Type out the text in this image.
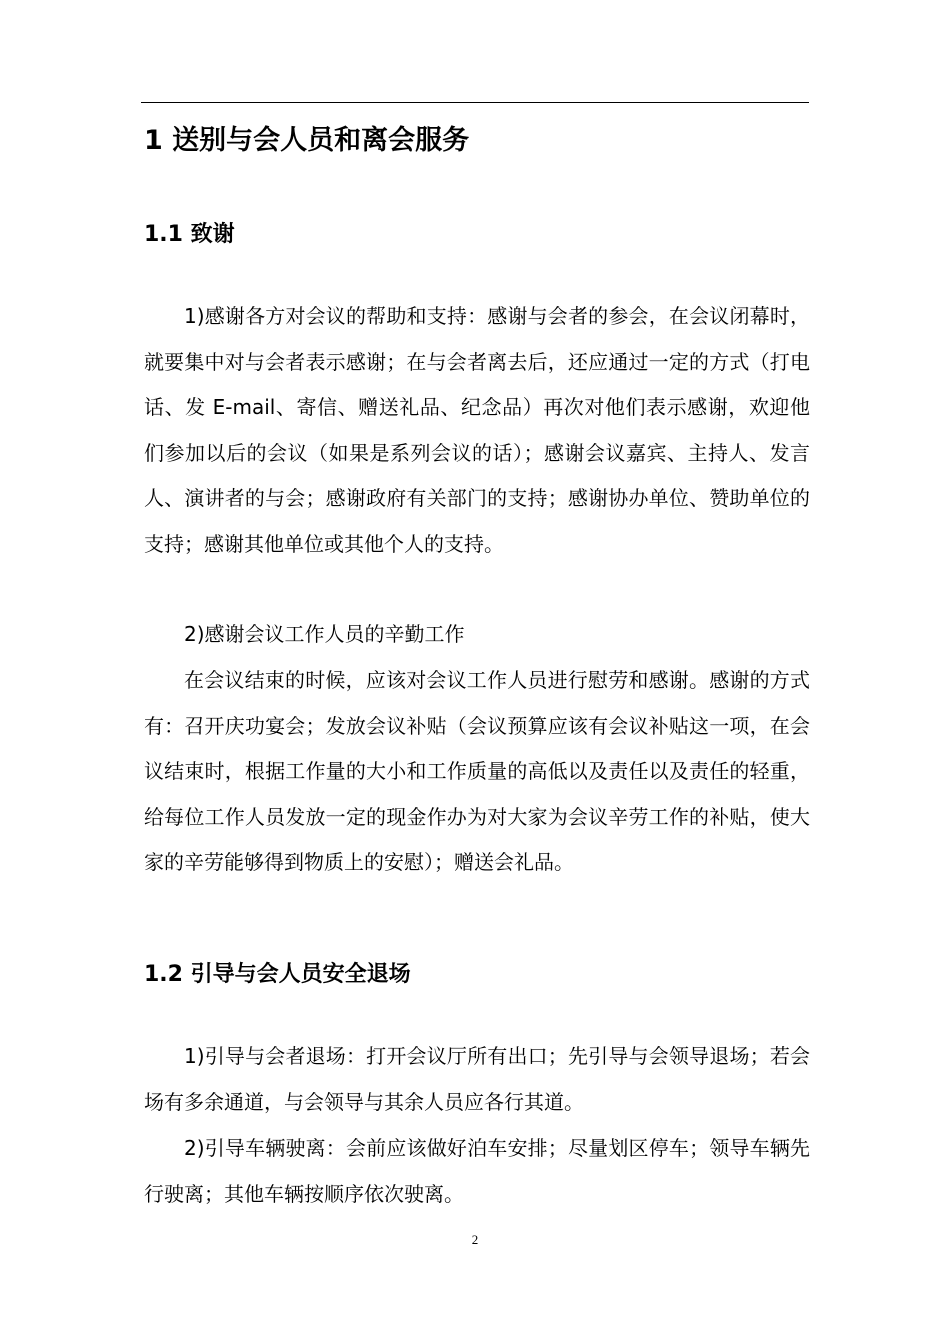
1 送别与会人员和离会服务
1.1 致谢

1)感谢各方对会议的帮助和支持：感谢与会者的参会，在会议闭幕时，就要集中对与会者表示感谢；在与会者离去后，还应通过一定的方式（打电话、发 E-mail、寄信、赠送礼品、纪念品）再次对他们表示感谢，欢迎他们参加以后的会议（如果是系列会议的话）；感谢会议嘉宾、主持人、发言人、演讲者的与会；感谢政府有关部门的支持；感谢协办单位、赞助单位的支持；感谢其他单位或其他个人的支持。

2)感谢会议工作人员的辛勤工作

在会议结束的时候，应该对会议工作人员进行慰劳和感谢。感谢的方式有：召开庆功宴会；发放会议补贴（会议预算应该有会议补贴这一项，在会议结束时，根据工作量的大小和工作质量的高低以及责任以及责任的轻重，给每位工作人员发放一定的现金作办为对大家为会议辛劳工作的补贴，使大家的辛劳能够得到物质上的安慰）；赠送会礼品。

1.2 引导与会人员安全退场

1)引导与会者退场：打开会议厅所有出口；先引导与会领导退场；若会场有多余通道，与会领导与其余人员应各行其道。

2)引导车辆驶离：会前应该做好泊车安排；尽量划区停车；领导车辆先行驶离；其他车辆按顺序依次驶离。

2
